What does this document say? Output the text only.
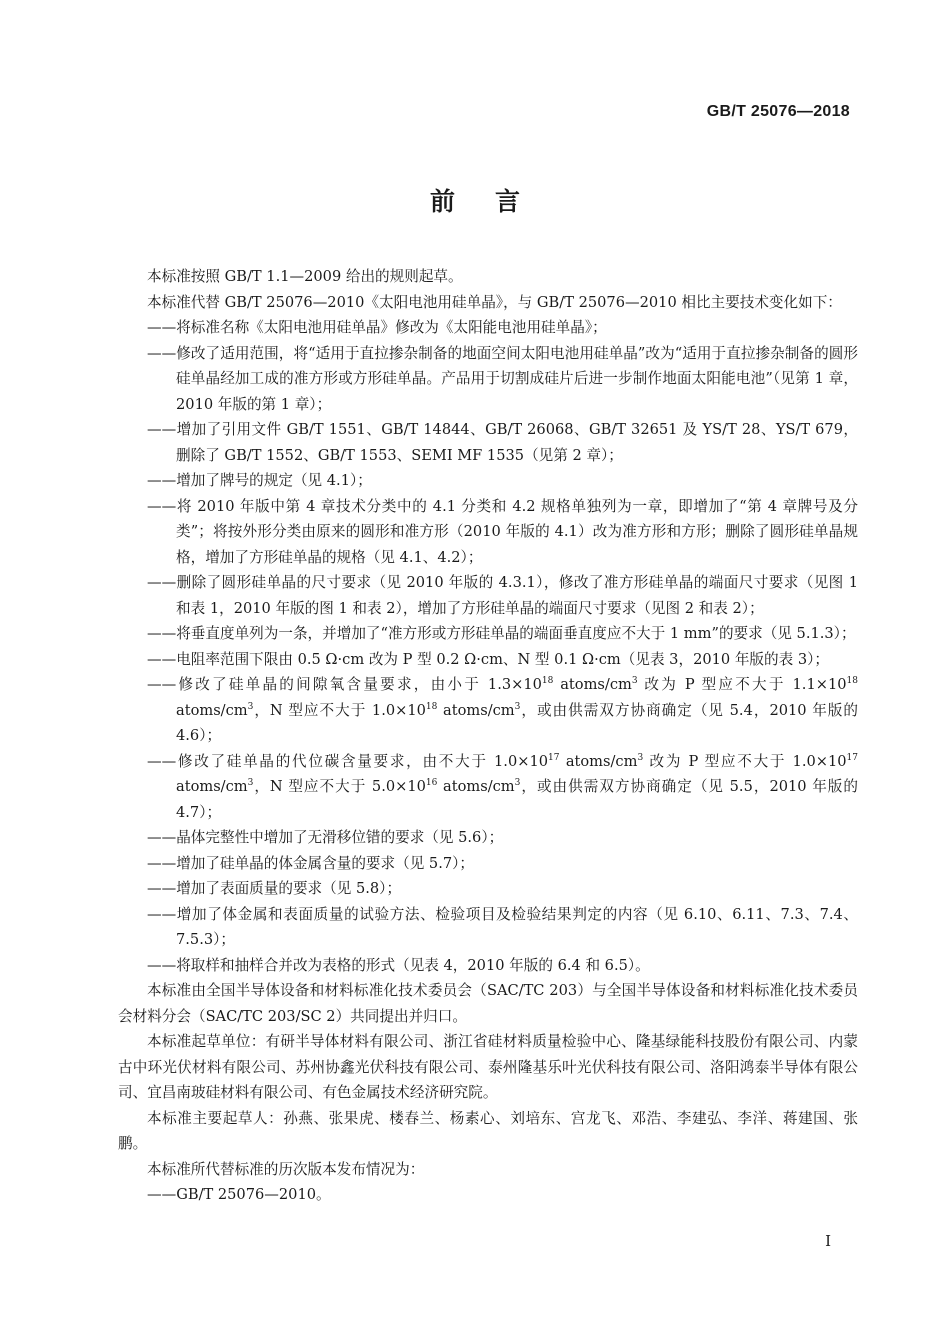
GB/T 25076—2018
前言

本标准按照 GB/T 1.1—2009 给出的规则起草。

本标准代替 GB/T 25076—2010《太阳电池用硅单晶》，与 GB/T 25076—2010 相比主要技术变化如下：

——将标准名称《太阳电池用硅单晶》修改为《太阳能电池用硅单晶》；

——修改了适用范围，将“适用于直拉掺杂制备的地面空间太阳电池用硅单晶”改为“适用于直拉掺杂制备的圆形硅单晶经加工成的准方形或方形硅单晶。产品用于切割成硅片后进一步制作地面太阳能电池”（见第 1 章，2010 年版的第 1 章）；

——增加了引用文件 GB/T 1551、GB/T 14844、GB/T 26068、GB/T 32651 及 YS/T 28、YS/T 679，删除了 GB/T 1552、GB/T 1553、SEMI MF 1535（见第 2 章）；

——增加了牌号的规定（见 4.1）；

——将 2010 年版中第 4 章技术分类中的 4.1 分类和 4.2 规格单独列为一章，即增加了“第 4 章牌号及分类”；将按外形分类由原来的圆形和准方形（2010 年版的 4.1）改为准方形和方形；删除了圆形硅单晶规格，增加了方形硅单晶的规格（见 4.1、4.2）；

——删除了圆形硅单晶的尺寸要求（见 2010 年版的 4.3.1），修改了准方形硅单晶的端面尺寸要求（见图 1 和表 1，2010 年版的图 1 和表 2），增加了方形硅单晶的端面尺寸要求（见图 2 和表 2）；

——将垂直度单列为一条，并增加了“准方形或方形硅单晶的端面垂直度应不大于 1 mm”的要求（见 5.1.3）；

——电阻率范围下限由 0.5 Ω·cm 改为 P 型 0.2 Ω·cm、N 型 0.1 Ω·cm（见表 3，2010 年版的表 3）；

——修改了硅单晶的间隙氧含量要求，由小于 $1.3\times 10^{18}$ atoms/$cm^3$ 改为 P 型应不大于 $1.1\times 10^{18}$ atoms/$cm^3$，N 型应不大于 $1.0\times 10^{18}$ atoms/$cm^3$，或由供需双方协商确定（见 5.4，2010 年版的 4.6）；

——修改了硅单晶的代位碳含量要求，由不大于 $1.0\times 10^{17}$ atoms/$cm^3$ 改为 P 型应不大于 $1.0\times 10^{17}$ atoms/$cm^3$，N 型应不大于 $5.0\times 10^{16}$ atoms/$cm^3$，或由供需双方协商确定（见 5.5，2010 年版的 4.7）；

——晶体完整性中增加了无滑移位错的要求（见 5.6）；

——增加了硅单晶的体金属含量的要求（见 5.7）；

——增加了表面质量的要求（见 5.8）；

——增加了体金属和表面质量的试验方法、检验项目及检验结果判定的内容（见 6.10、6.11、7.3、7.4、7.5.3）；

——将取样和抽样合并改为表格的形式（见表 4，2010 年版的 6.4 和 6.5）。

本标准由全国半导体设备和材料标准化技术委员会（SAC/TC 203）与全国半导体设备和材料标准化技术委员会材料分会（SAC/TC 203/SC 2）共同提出并归口。

本标准起草单位：有研半导体材料有限公司、浙江省硅材料质量检验中心、隆基绿能科技股份有限公司、内蒙古中环光伏材料有限公司、苏州协鑫光伏科技有限公司、泰州隆基乐叶光伏科技有限公司、洛阳鸿泰半导体有限公司、宜昌南玻硅材料有限公司、有色金属技术经济研究院。

本标准主要起草人：孙燕、张果虎、楼春兰、杨素心、刘培东、宫龙飞、邓浩、李建弘、李洋、蒋建国、张鹏。

本标准所代替标准的历次版本发布情况为：

——GB/T 25076—2010。

I
